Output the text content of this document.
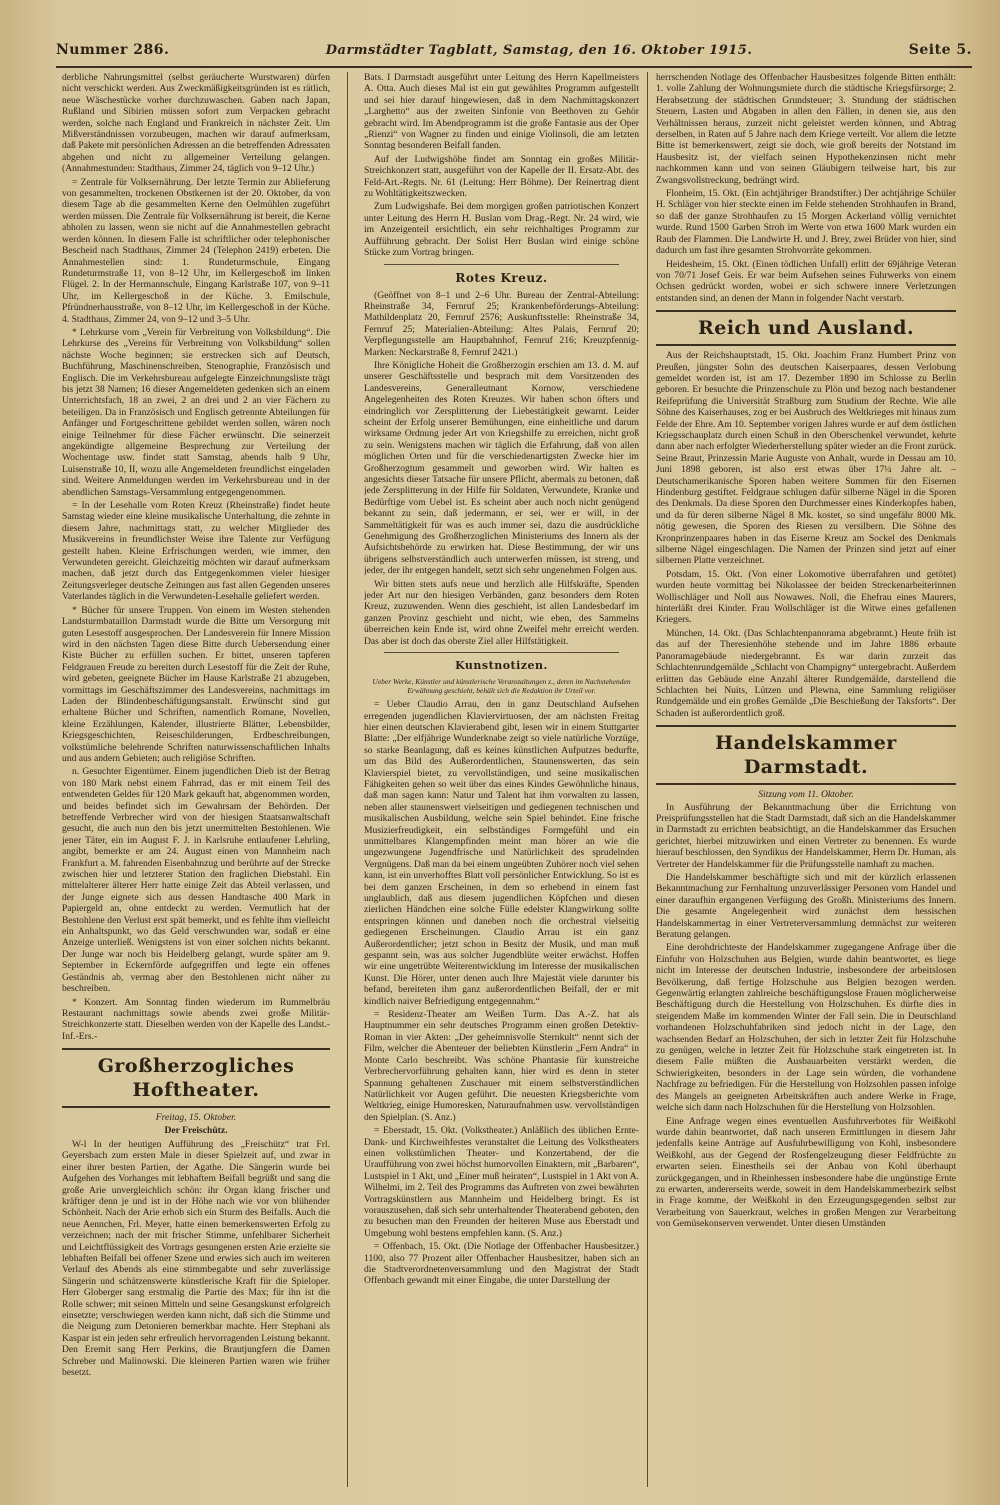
Nummer 286.	Darmstädter Tagblatt, Samstag, den 16. Oktober 1915.	Seite 5.

derbliche Nahrungsmittel (selbst geräucherte Wurstwaren) dürfen nicht verschickt werden. Aus Zweckmäßigkeitsgründen ist es rätlich, neue Wäschestücke vorher durchzuwaschen. Gaben nach Japan, Rußland und Sibirien müssen sofort zum Verpacken gebracht werden, solche nach England und Frankreich in nächster Zeit. Um Mißverständnissen vorzubeugen, machen wir darauf aufmerksam, daß Pakete mit persönlichen Adressen an die betreffenden Adressaten abgehen und nicht zu allgemeiner Verteilung gelangen. (Annahmestunden: Stadthaus, Zimmer 24, täglich von 9–12 Uhr.)

= Zentrale für Volksernährung. Der letzte Termin zur Ablieferung von gesammelten, trockenen Obstkernen ist der 20. Oktober, da von diesem Tage ab die gesammelten Kerne den Oelmühlen zugeführt werden müssen. Die Zentrale für Volksernährung ist bereit, die Kerne abholen zu lassen, wenn sie nicht auf die Annahmestellen gebracht werden können. In diesem Falle ist schriftlicher oder telephonischer Bescheid nach Stadthaus, Zimmer 24 (Telephon 2419) erbeten. Die Annahmestellen sind: 1. Rundeturmschule, Eingang Rundeturmstraße 11, von 8–12 Uhr, im Kellergeschoß im linken Flügel. 2. In der Hermannschule, Eingang Karlstraße 107, von 9–11 Uhr, im Kellergeschoß in der Küche. 3. Emilschule, Pfründnerhausstraße, von 8–12 Uhr, im Kellergeschoß in der Küche. 4. Stadthaus, Zimmer 24, von 9–12 und 3–5 Uhr.

* Lehrkurse vom „Verein für Verbreitung von Volksbildung“. Die Lehrkurse des „Vereins für Verbreitung von Volksbildung“ sollen nächste Woche beginnen; sie erstrecken sich auf Deutsch, Buchführung, Maschinenschreiben, Stenographie, Französisch und Englisch. Die im Verkehrsbureau aufgelegte Einzeichnungsliste trägt bis jetzt 38 Namen; 16 dieser Angemeldeten gedenken sich an einem Unterrichtsfach, 18 an zwei, 2 an drei und 2 an vier Fächern zu beteiligen. Da in Französisch und Englisch getrennte Abteilungen für Anfänger und Fortgeschrittene gebildet werden sollen, wären noch einige Teilnehmer für diese Fächer erwünscht. Die seinerzeit angekündigte allgemeine Besprechung zur Verteilung der Wochentage usw. findet statt Samstag, abends halb 9 Uhr, Luisenstraße 10, II, wozu alle Angemeldeten freundlichst eingeladen sind. Weitere Anmeldungen werden im Verkehrsbureau und in der abendlichen Samstags-Versammlung entgegengenommen.

= In der Lesehalle vom Roten Kreuz (Rheinstraße) findet heute Samstag wieder eine kleine musikalische Unterhaltung, die zehnte in diesem Jahre, nachmittags statt, zu welcher Mitglieder des Musikvereins in freundlichster Weise ihre Talente zur Verfügung gestellt haben. Kleine Erfrischungen werden, wie immer, den Verwundeten gereicht. Gleichzeitig möchten wir darauf aufmerksam machen, daß jetzt durch das Entgegenkommen vieler hiesiger Zeitungsverleger deutsche Zeitungen aus fast allen Gegenden unseres Vaterlandes täglich in die Verwundeten-Lesehalle geliefert werden.

* Bücher für unsere Truppen. Von einem im Westen stehenden Landsturmbataillon Darmstadt wurde die Bitte um Versorgung mit guten Lesestoff ausgesprochen. Der Landesverein für Innere Mission wird in den nächsten Tagen diese Bitte durch Uebersendung einer Kiste Bücher zu erfüllen suchen. Er bittet, unseren tapferen Feldgrauen Freude zu bereiten durch Lesestoff für die Zeit der Ruhe, wird gebeten, geeignete Bücher im Hause Karlstraße 21 abzugeben, vormittags im Geschäftszimmer des Landesvereins, nachmittags im Laden der Blindenbeschäftigungsanstalt. Erwünscht sind gut erhaltene Bücher und Schriften, namentlich Romane, Novellen, kleine Erzählungen, Kalender, illustrierte Blätter, Lebensbilder, Kriegsgeschichten, Reiseschilderungen, Erdbeschreibungen, volkstümliche belehrende Schriften naturwissenschaftlichen Inhalts und aus andern Gebieten; auch religiöse Schriften.

n. Gesuchter Eigentümer. Einem jugendlichen Dieb ist der Betrag von 180 Mark nebst einem Fahrrad, das er mit einem Teil des entwendeten Geldes für 120 Mark gekauft hat, abgenommen worden, und beides befindet sich im Gewahrsam der Behörden. Der betreffende Verbrecher wird von der hiesigen Staatsanwaltschaft gesucht, die auch nun den bis jetzt unermittelten Bestohlenen. Wie jener Täter, ein im August F. J. in Karlsruhe entlaufener Lehrling, angibt, bemerkte er am 24. August einen von Mannheim nach Frankfurt a. M. fahrenden Eisenbahnzug und berührte auf der Strecke zwischen hier und letzterer Station den fraglichen Diebstahl. Ein mittelalterer älterer Herr hatte einige Zeit das Abteil verlassen, und der Junge eignete sich aus dessen Handtasche 400 Mark in Papiergeld an, ohne entdeckt zu werden. Vermutlich hat der Bestohlene den Verlust erst spät bemerkt, und es fehlte ihm vielleicht ein Anhaltspunkt, wo das Geld verschwunden war, sodaß er eine Anzeige unterließ. Wenigstens ist von einer solchen nichts bekannt. Der Junge war noch bis Heidelberg gelangt, wurde später am 9. September in Eckernförde aufgegriffen und legte ein offenes Geständnis ab, vermag aber den Bestohlenen nicht näher zu beschreiben.

* Konzert. Am Sonntag finden wiederum im Rummelbräu Restaurant nachmittags sowie abends zwei große Militär-Streichkonzerte statt. Dieselben werden von der Kapelle des Landst.-Inf.-Ers.-

Großherzogliches Hoftheater.
Freitag, 15. Oktober.
Der Freischütz.

W-l In der heutigen Aufführung des „Freischütz“ trat Frl. Geyersbach zum ersten Male in dieser Spielzeit auf, und zwar in einer ihrer besten Partien, der Agathe. Die Sängerin wurde bei Aufgehen des Vorhanges mit lebhaftem Beifall begrüßt und sang die große Arie unvergleichlich schön: ihr Organ klang frischer und kräftiger denn je und ist in der Höhe nach wie vor von blühender Schönheit. Nach der Arie erhob sich ein Sturm des Beifalls. Auch die neue Aennchen, Frl. Meyer, hatte einen bemerkenswerten Erfolg zu verzeichnen; nach der mit frischer Stimme, unfehlbarer Sicherheit und Leichtflüssigkeit des Vortrags gesungenen ersten Arie erzielte sie lebhaften Beifall bei offener Szene und erwies sich auch im weiteren Verlauf des Abends als eine stimmbegabte und sehr zuverlässige Sängerin und schätzenswerte künstlerische Kraft für die Spieloper. Herr Globerger sang erstmalig die Partie des Max; für ihn ist die Rolle schwer; mit seinen Mitteln und seine Gesangskunst erfolgreich einsetzte; verschwiegen werden kann nicht, daß sich die Stimme und die Neigung zum Detonieren bemerkbar machte. Herr Stephani als Kaspar ist ein jeden sehr erfreulich hervorragenden Leistung bekannt. Den Eremit sang Herr Perkins, die Brautjungfern die Damen Schreber und Malinowski. Die kleineren Partien waren wie früher besetzt.

Bats. I Darmstadt ausgeführt unter Leitung des Herrn Kapellmeisters A. Otta. Auch dieses Mal ist ein gut gewähltes Programm aufgestellt und sei hier darauf hingewiesen, daß in dem Nachmittagskonzert „Larghetto“ aus der zweiten Sinfonie von Beethoven zu Gehör gebracht wird. Im Abendprogramm ist die große Fantasie aus der Oper „Rienzi“ von Wagner zu finden und einige Violinsoli, die am letzten Sonntag besonderen Beifall fanden.

Auf der Ludwigshöhe findet am Sonntag ein großes Militär-Streichkonzert statt, ausgeführt von der Kapelle der II. Ersatz-Abt. des Feld-Art.-Regts. Nr. 61 (Leitung: Herr Böhme). Der Reinertrag dient zu Wohltätigkeitszwecken.

Zum Ludwigshafe. Bei dem morgigen großen patriotischen Konzert unter Leitung des Herrn H. Buslan vom Drag.-Regt. Nr. 24 wird, wie im Anzeigenteil ersichtlich, ein sehr reichhaltiges Programm zur Aufführung gebracht. Der Solist Herr Buslan wird einige schöne Stücke zum Vortrag bringen.

Rotes Kreuz.

(Geöffnet von 8–1 und 2–6 Uhr. Bureau der Zentral-Abteilung: Rheinstraße 34, Fernruf 25; Krankenbeförderungs-Abteilung: Mathildenplatz 20, Fernruf 2576; Auskunftsstelle: Rheinstraße 34, Fernruf 25; Materialien-Abteilung: Altes Palais, Fernruf 20; Verpflegungsstelle am Hauptbahnhof, Fernruf 216; Kreuzpfennig-Marken: Neckarstraße 8, Fernruf 2421.)

Ihre Königliche Hoheit die Großherzogin erschien am 13. d. M. auf unserer Geschäftsstelle und besprach mit dem Vorsitzenden des Landesvereins, Generalleutnant Kornow, verschiedene Angelegenheiten des Roten Kreuzes. Wir haben schon öfters und eindringlich vor Zersplitterung der Liebestätigkeit gewarnt. Leider scheint der Erfolg unserer Bemühungen, eine einheitliche und darum wirksame Ordnung jeder Art von Kriegshilfe zu erreichen, nicht groß zu sein. Wenigstens machen wir täglich die Erfahrung, daß von allen möglichen Orten und für die verschiedenartigsten Zwecke hier im Großherzogtum gesammelt und geworben wird. Wir halten es angesichts dieser Tatsache für unsere Pflicht, abermals zu betonen, daß jede Zersplitterung in der Hilfe für Soldaten, Verwundete, Kranke und Bedürftige vom Uebel ist. Es scheint aber auch noch nicht genügend bekannt zu sein, daß jedermann, er sei, wer er will, in der Sammeltätigkeit für was es auch immer sei, dazu die ausdrückliche Genehmigung des Großherzoglichen Ministeriums des Innern als der Aufsichtsbehörde zu erwirken hat. Diese Bestimmung, der wir uns übrigens selbstverständlich auch unterwerfen müssen, ist streng, und jeder, der ihr entgegen handelt, setzt sich sehr ungenehmen Folgen aus.

Wir bitten stets aufs neue und herzlich alle Hilfskräfte, Spenden jeder Art nur den hiesigen Verbänden, ganz besonders dem Roten Kreuz, zuzuwenden. Wenn dies geschieht, ist allen Landesbedarf im ganzen Provinz geschieht und nicht, wie eben, des Sammelns überreichen kein Ende ist, wird ohne Zweifel mehr erreicht werden. Das aber ist doch das oberste Ziel aller Hilfstätigkeit.

Kunstnotizen.
Ueber Werke, Künstler und künstlerische Veranstaltungen z., deren im Nachstehenden Erwähnung geschieht, behält sich die Redaktion ihr Urteil vor.

= Ueber Claudio Arrau, den in ganz Deutschland Aufsehen erregenden jugendlichen Klaviervirtuosen, der am nächsten Freitag hier einen deutschen Klavierabend gibt, lesen wir in einem Stuttgarter Blatte: „Der elfjährige Wunderknabe zeigt so viele natürliche Vorzüge, so starke Beanlagung, daß es keines künstlichen Aufputzes bedurfte, um das Bild des Außerordentlichen, Staunenswerten, das sein Klavierspiel bietet, zu vervollständigen, und seine musikalischen Fähigkeiten gehen so weit über das eines Kindes Gewöhnliche hinaus, daß man sagen kann: Natur und Talent hat ihm vorwalten zu lassen, neben aller staunenswert vielseitigen und gediegenen technischen und musikalischen Ausbildung, welche sein Spiel behindet. Eine frische Musizierfreudigkeit, ein selbständiges Formgefühl und ein unmittelbares Klangempfinden meint man hörer an wie die ungezwungene Jugendfrische und Natürlichkeit des sprudelnden Vergnügens. Daß man da bei einem ungeübten Zuhörer noch viel sehen kann, ist ein unverhofftes Blatt voll persönlicher Entwicklung. So ist es bei dem ganzen Erscheinen, in dem so erhebend in einem fast unglaublich, daß aus diesem jugendlichen Köpfchen und diesen zierlichen Händchen eine solche Fülle edelster Klangwirkung sollte entspringen können und daneben noch die orchestral vielseitig gediegenen Erscheinungen. Claudio Arrau ist ein ganz Außerordentlicher; jetzt schon in Besitz der Musik, und man muß gespannt sein, was aus solcher Jugendblüte weiter erwächst. Hoffen wir eine ungetrübte Weiterentwicklung im Interesse der musikalischen Kunst. Die Hörer, unter denen auch Ihre Majestät viele darunter bis befand, bereiteten ihm ganz außerordentlichen Beifall, der er mit kindlich naiver Befriedigung entgegennahm.“

= Residenz-Theater am Weißen Turm. Das A.-Z. hat als Hauptnummer ein sehr deutsches Programm einen großen Detektiv-Roman in vier Akten: „Der geheimnisvolle Sternkult“ nennt sich der Film, welcher die Abenteuer der beliebten Künstlerin „Fern Andra“ in Monte Carlo beschreibt. Was schöne Phantasie für kunstreiche Verbrechervorführung gehalten kann, hier wird es denn in steter Spannung gehaltenen Zuschauer mit einem selbstverständlichen Natürlichkeit vor Augen geführt. Die neuesten Kriegsberichte vom Weltkrieg, einige Humoresken, Naturaufnahmen usw. vervollständigen den Spielplan. (S. Anz.)

= Eberstadt, 15. Okt. (Volkstheater.) Anläßlich des üblichen Ernte-Dank- und Kirchweihfestes veranstaltet die Leitung des Volkstheaters einen volkstümlichen Theater- und Konzertabend, der die Uraufführung von zwei höchst humorvollen Einaktern, mit „Barbaren“, Lustspiel in 1 Akt, und „Einer muß heiraten“, Lustspiel in 1 Akt von A. Wilhelmi, im 2. Teil des Programms das Auftreten von zwei bewährten Vortragskünstlern aus Mannheim und Heidelberg bringt. Es ist vorauszusehen, daß sich sehr unterhaltender Theaterabend geboten, den zu besuchen man den Freunden der heiteren Muse aus Eberstadt und Umgebung wohl bestens empfehlen kann. (S. Anz.)

= Offenbach, 15. Okt. (Die Notlage der Offenbacher Hausbesitzer.) 1100, also 77 Prozent aller Offenbacher Hausbesitzer, haben sich an die Stadtverordnetenversammlung und den Magistrat der Stadt Offenbach gewandt mit einer Eingabe, die unter Darstellung der

herrschenden Notlage des Offenbacher Hausbesitzes folgende Bitten enthält: 1. volle Zahlung der Wohnungsmiete durch die städtische Kriegsfürsorge; 2. Herabsetzung der städtischen Grundsteuer; 3. Stundung der städtischen Steuern, Lasten und Abgaben in allen den Fällen, in denen sie, aus den Verhältnissen heraus, zurzeit nicht geleistet werden können, und Abtrag derselben, in Raten auf 5 Jahre nach dem Kriege verteilt. Vor allem die letzte Bitte ist bemerkenswert, zeigt sie doch, wie groß bereits der Notstand im Hausbesitz ist, der vielfach seinen Hypothekenzinsen nicht mehr nachkommen kann und von seinen Gläubigern teilweise hart, bis zur Zwangsvollstreckung, bedrängt wird.

Flonheim, 15. Okt. (Ein achtjähriger Brandstifter.) Der achtjährige Schüler H. Schläger von hier steckte einen im Felde stehenden Strohhaufen in Brand, so daß der ganze Strohhaufen zu 15 Morgen Ackerland völlig vernichtet wurde. Rund 1500 Garben Stroh im Werte von etwa 1600 Mark wurden ein Raub der Flammen. Die Landwirte H. und J. Brey, zwei Brüder von hier, sind dadurch um fast ihre gesamten Strohvorräte gekommen.

Heidesheim, 15. Okt. (Einen tödlichen Unfall) erlitt der 69jährige Veteran von 70/71 Josef Geis. Er war beim Aufsehen seines Fuhrwerks von einem Ochsen gedrückt worden, wobei er sich schwere innere Verletzungen entstanden sind, an denen der Mann in folgender Nacht verstarb.

Reich und Ausland.

Aus der Reichshauptstadt, 15. Okt. Joachim Franz Humbert Prinz von Preußen, jüngster Sohn des deutschen Kaiserpaares, dessen Verlobung gemeldet worden ist, ist am 17. Dezember 1890 im Schlosse zu Berlin geboren. Er besuchte die Prinzenschule zu Plön und bezog nach bestandener Reifeprüfung die Universität Straßburg zum Studium der Rechte. Wie alle Söhne des Kaiserhauses, zog er bei Ausbruch des Weltkrieges mit hinaus zum Felde der Ehre. Am 10. September vorigen Jahres wurde er auf dem östlichen Kriegsschauplatz durch einen Schuß in den Oberschenkel verwundet, kehrte dann aber nach erfolgter Wiederherstellung später wieder an die Front zurück. Seine Braut, Prinzessin Marie Auguste von Anhalt, wurde in Dessau am 10. Juni 1898 geboren, ist also erst etwas über 17¼ Jahre alt. – Deutschamerikanische Sporen haben weitere Summen für den Eisernen Hindenburg gestiftet. Feldgraue schlugen dafür silberne Nägel in die Sporen des Denkmals. Da diese Sporen den Durchmesser eines Kinderkopfes haben, und da für deren silberne Nägel 8 Mk. kostet, so sind ungefähr 8000 Mk. nötig gewesen, die Sporen des Riesen zu versilbern. Die Söhne des Kronprinzenpaares haben in das Eiserne Kreuz am Sockel des Denkmals silberne Nägel eingeschlagen. Die Namen der Prinzen sind jetzt auf einer silbernen Platte verzeichnet.

Potsdam, 15. Okt. (Von einer Lokomotive überrafahren und getötet) wurden heute vormittag bei Nikolassee der beiden Streckenarbeiterinnen Wollischläger und Noll aus Nowawes. Noll, die Ehefrau eines Maurers, hinterläßt drei Kinder. Frau Wollschläger ist die Witwe eines gefallenen Kriegers.

München, 14. Okt. (Das Schlachtenpanorama abgebrannt.) Heute früh ist das auf der Theresienhöhe stehende und im Jahre 1886 erbaute Panoramagebäude niedergebrannt. Es war darin zurzeit das Schlachtenrundgemälde „Schlacht von Champigny“ untergebracht. Außerdem erlitten das Gebäude eine Anzahl älterer Rundgemälde, darstellend die Schlachten bei Nuits, Lützen und Plewna, eine Sammlung religiöser Rundgemälde und ein großes Gemälde „Die Beschießung der Taksforts“. Der Schaden ist außerordentlich groß.

Handelskammer Darmstadt.
Sitzung vom 11. Oktober.

In Ausführung der Bekanntmachung über die Errichtung von Preisprüfungsstellen hat die Stadt Darmstadt, daß sich an die Handelskammer in Darmstadt zu errichten beabsichtigt, an die Handelskammer das Ersuchen gerichtet, hierbei mitzuwirken und einen Vertreter zu benennen. Es wurde hierauf beschlossen, den Syndikus der Handelskammer, Herrn Dr. Human, als Vertreter der Handelskammer für die Prüfungsstelle namhaft zu machen.

Die Handelskammer beschäftigte sich und mit der kürzlich erlassenen Bekanntmachung zur Fernhaltung unzuverlässiger Personen vom Handel und einer daraufhin ergangenen Verfügung des Großh. Ministeriums des Innern. Die gesamte Angelegenheit wird zunächst dem hessischen Handelskammertag in einer Vertreterversammlung demnächst zur weiteren Beratung gelangen.

Eine derohdrichteste der Handelskammer zugegangene Anfrage über die Einfuhr von Holzschuhen aus Belgien, wurde dahin beantwortet, es liege nicht im Interesse der deutschen Industrie, insbesondere der arbeitslosen Bevölkerung, daß fertige Holzschuhe aus Belgien bezogen werden. Gegenwärtig erlangten zahlreiche beschäftigungslose Frauen möglicherweise Beschäftigung durch die Herstellung von Holzschuhen. Es dürfte dies in steigendem Maße im kommenden Winter der Fall sein. Die in Deutschland vorhandenen Holzschuhfabriken sind jedoch nicht in der Lage, den wachsenden Bedarf an Holzschuhen, der sich in letzter Zeit für Holzschuhe zu genügen, welche in letzter Zeit für Holzschuhe stark eingetreten ist. In diesem Falle müßten die Ausbauarbeiten verstärkt werden, die Schwierigkeiten, besonders in der Lage sein würden, die vorhandene Nachfrage zu befriedigen. Für die Herstellung von Holzsohlen passen infolge des Mangels an geeigneten Arbeitskräften auch andere Werke in Frage, welche sich dann nach Holzschuhen für die Herstellung von Holzsohlen.

Eine Anfrage wegen eines eventuellen Ausfuhrverbotes für Weißkohl wurde dahin beantwortet, daß nach unseren Ermittlungen in diesem Jahr jedenfalls keine Anträge auf Ausfuhrbewilligung von Kohl, insbesondere Weißkohl, aus der Gegend der Rosfengelzeugung dieser Feldfrüchte zu erwarten seien. Einestheils sei der Anbau von Kohl überhaupt zurückgegangen, und in Rheinhessen insbesondere habe die ungünstige Ernte zu erwarten, andererseits werde, soweit in dem Handelskammerbezirk selbst in Frage komme, der Weißkohl in den Erzeugungsgegenden selbst zur Verarbeitung von Sauerkraut, welches in großen Mengen zur Verarbeitung von Gemüsekonserven verwendet. Unter diesen Umständen
